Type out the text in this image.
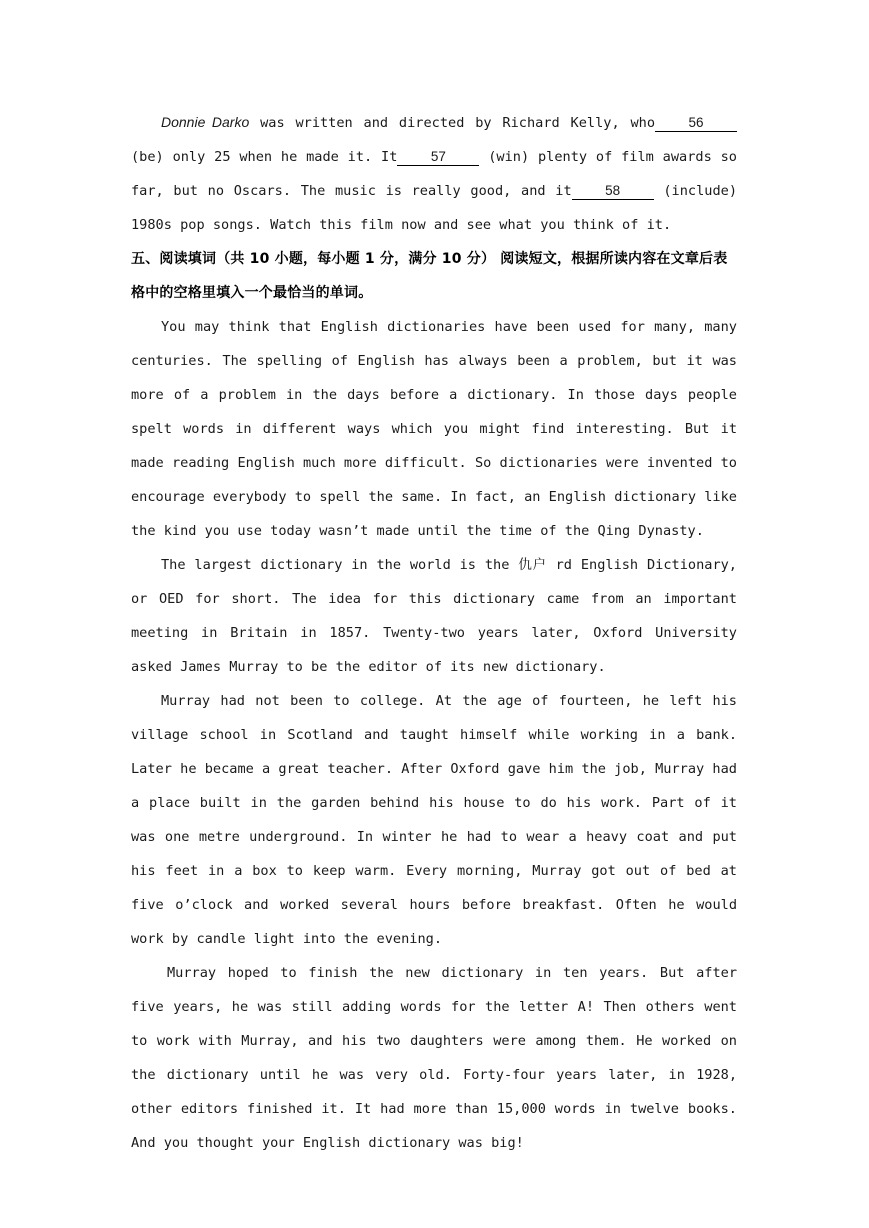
Donnie Darko was written and directed by Richard Kelly, who 56 (be) only 25 when he made it. It 57 (win) plenty of film awards so far, but no Oscars. The music is really good, and it 58 (include) 1980s pop songs. Watch this film now and see what you think of it.

五、阅读填词（共 10 小题，每小题 1 分，满分 10 分） 阅读短文，根据所读内容在文章后表格中的空格里填入一个最恰当的单词。

You may think that English dictionaries have been used for many, many centuries. The spelling of English has always been a problem, but it was more of a problem in the days before a dictionary. In those days people spelt words in different ways which you might find interesting. But it made reading English much more difficult. So dictionaries were invented to encourage everybody to spell the same. In fact, an English dictionary like the kind you use today wasn’t made until the time of the Qing Dynasty.

The largest dictionary in the world is the 仇户 rd English Dictionary, or OED for short. The idea for this dictionary came from an important meeting in Britain in 1857. Twenty-two years later, Oxford University asked James Murray to be the editor of its new dictionary.

Murray had not been to college. At the age of fourteen, he left his village school in Scotland and taught himself while working in a bank. Later he became a great teacher. After Oxford gave him the job, Murray had a place built in the garden behind his house to do his work. Part of it was one metre underground. In winter he had to wear a heavy coat and put his feet in a box to keep warm. Every morning, Murray got out of bed at five o’clock and worked several hours before breakfast. Often he would work by candle light into the evening.

Murray hoped to finish the new dictionary in ten years. But after five years, he was still adding words for the letter A! Then others went to work with Murray, and his two daughters were among them. He worked on the dictionary until he was very old. Forty-four years later, in 1928, other editors finished it. It had more than 15,000 words in twelve books. And you thought your English dictionary was big!
